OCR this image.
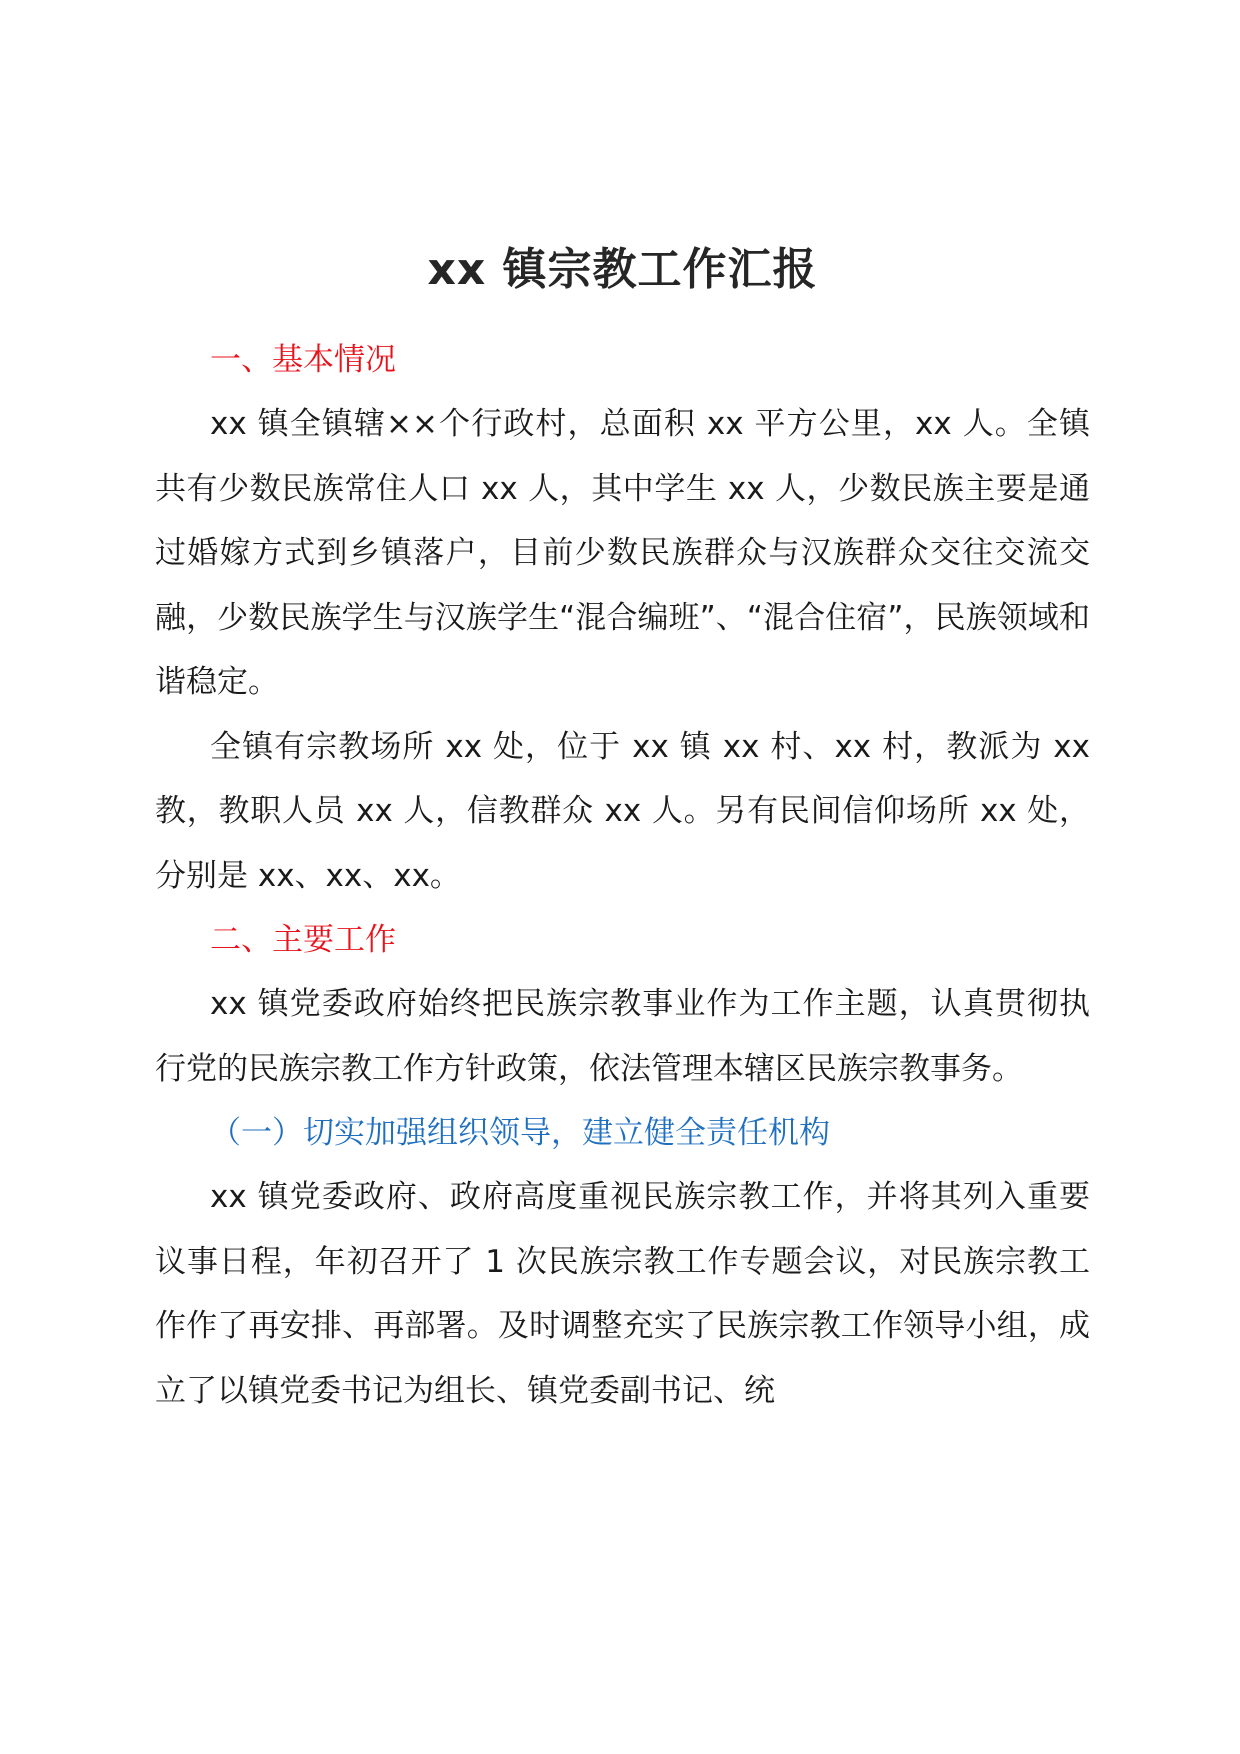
xx 镇宗教工作汇报

一、基本情况

xx 镇全镇辖××个行政村，总面积 xx 平方公里，xx 人。全镇共有少数民族常住人口 xx 人，其中学生 xx 人，少数民族主要是通过婚嫁方式到乡镇落户，目前少数民族群众与汉族群众交往交流交融，少数民族学生与汉族学生“混合编班”、“混合住宿”，民族领域和谐稳定。

全镇有宗教场所 xx 处，位于 xx 镇 xx 村、xx 村，教派为 xx 教，教职人员 xx 人，信教群众 xx 人。另有民间信仰场所 xx 处，分别是 xx、xx、xx。

二、主要工作

xx 镇党委政府始终把民族宗教事业作为工作主题，认真贯彻执行党的民族宗教工作方针政策，依法管理本辖区民族宗教事务。

（一）切实加强组织领导，建立健全责任机构

xx 镇党委政府、政府高度重视民族宗教工作，并将其列入重要议事日程，年初召开了 1 次民族宗教工作专题会议，对民族宗教工作作了再安排、再部署。及时调整充实了民族宗教工作领导小组，成立了以镇党委书记为组长、镇党委副书记、统
